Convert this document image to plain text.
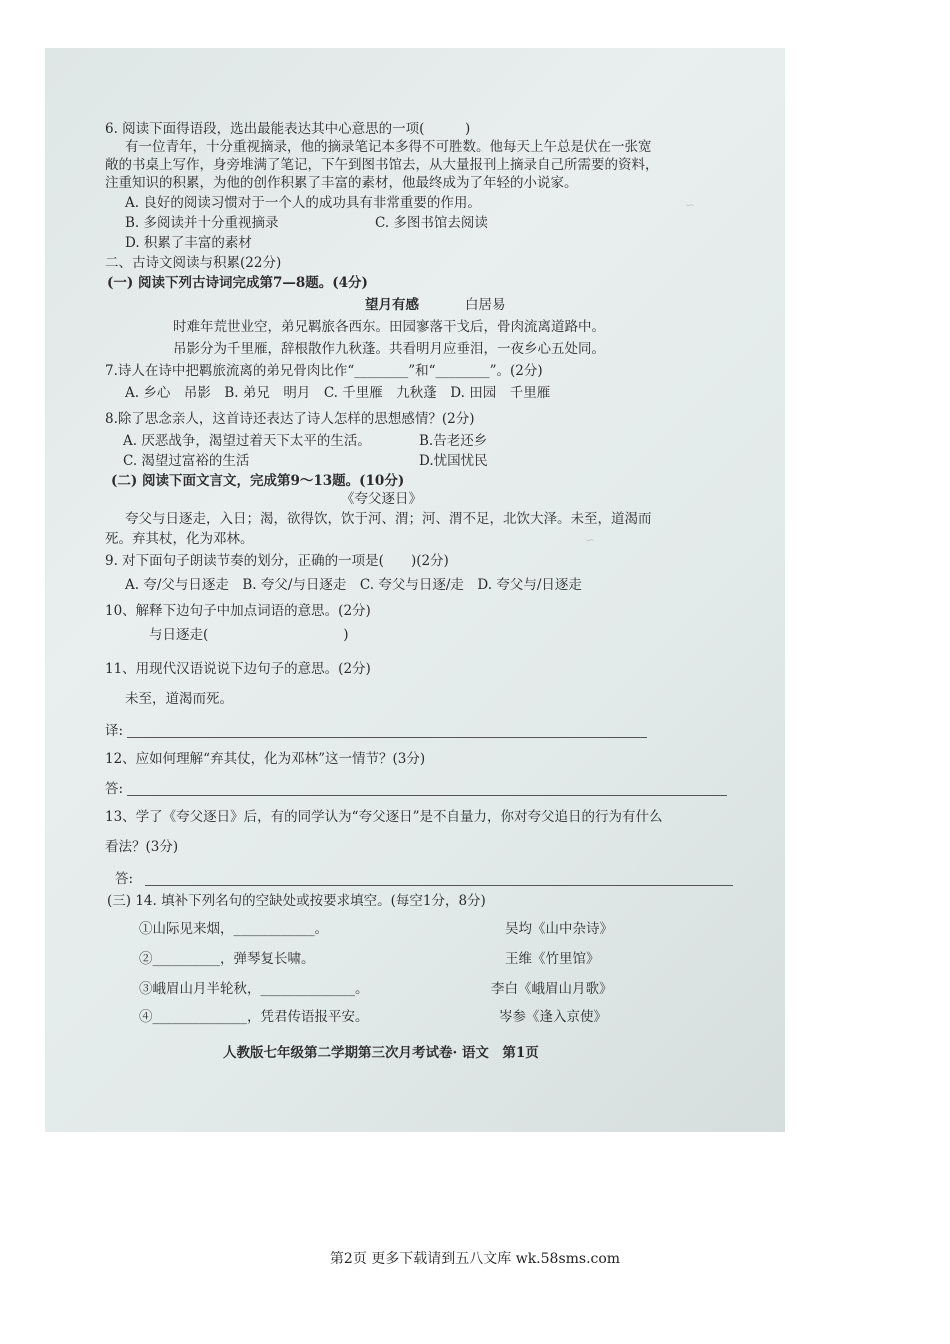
∽
∽
6. 阅读下面得语段，选出最能表达其中心意思的一项(　　　)
有一位青年，十分重视摘录，他的摘录笔记本多得不可胜数。他每天上午总是伏在一张宽
敞的书桌上写作，身旁堆满了笔记，下午到图书馆去，从大量报刊上摘录自己所需要的资料，
注重知识的积累，为他的创作积累了丰富的素材，他最终成为了年轻的小说家。
A. 良好的阅读习惯对于一个人的成功具有非常重要的作用。
B. 多阅读并十分重视摘录	C. 多图书馆去阅读
D. 积累了丰富的素材
二、古诗文阅读与积累(22分)
(一) 阅读下列古诗词完成第7—8题。(4分)
望月有感	白居易
时难年荒世业空，弟兄羁旅各西东。田园寥落干戈后，骨肉流离道路中。
吊影分为千里雁，辞根散作九秋蓬。共看明月应垂泪，一夜乡心五处同。
7.诗人在诗中把羁旅流离的弟兄骨肉比作“________”和“________”。(2分)
A. 乡心　吊影　B. 弟兄　明月　C. 千里雁　九秋蓬　D. 田园　千里雁
8.除了思念亲人，这首诗还表达了诗人怎样的思想感情？(2分)
A. 厌恶战争，渴望过着天下太平的生活。	B.告老还乡
C. 渴望过富裕的生活	D.忧国忧民
(二) 阅读下面文言文，完成第9～13题。(10分)
《夸父逐日》
夸父与日逐走，入日；渴，欲得饮，饮于河、渭；河、渭不足，北饮大泽。未至，道渴而
死。弃其杖，化为邓林。
9. 对下面句子朗读节奏的划分，正确的一项是(　　)(2分)
A. 夸/父与日逐走　B. 夸父/与日逐走　C. 夸父与日逐/走　D. 夸父与/日逐走
10、解释下边句子中加点词语的意思。(2分)
与日逐走(　　　　　　　　　　)
11、用现代汉语说说下边句子的意思。(2分)
未至，道渴而死。
译:
12、应如何理解“弃其仗，化为邓林”这一情节？(3分)
答:
13、学了《夸父逐日》后，有的同学认为“夸父逐日”是不自量力，你对夸父追日的行为有什么
看法？(3分)
答:
(三) 14. 填补下列名句的空缺处或按要求填空。(每空1分，8分)
①山际见来烟，____________。	吴均《山中杂诗》
②__________，弹琴复长啸。	王维《竹里馆》
③峨眉山月半轮秋，______________。	李白《峨眉山月歌》
④______________，凭君传语报平安。	岑参《逢入京使》
人教版七年级第二学期第三次月考试卷· 语文　第1页
第2页 更多下载请到五八文库 wk.58sms.com
